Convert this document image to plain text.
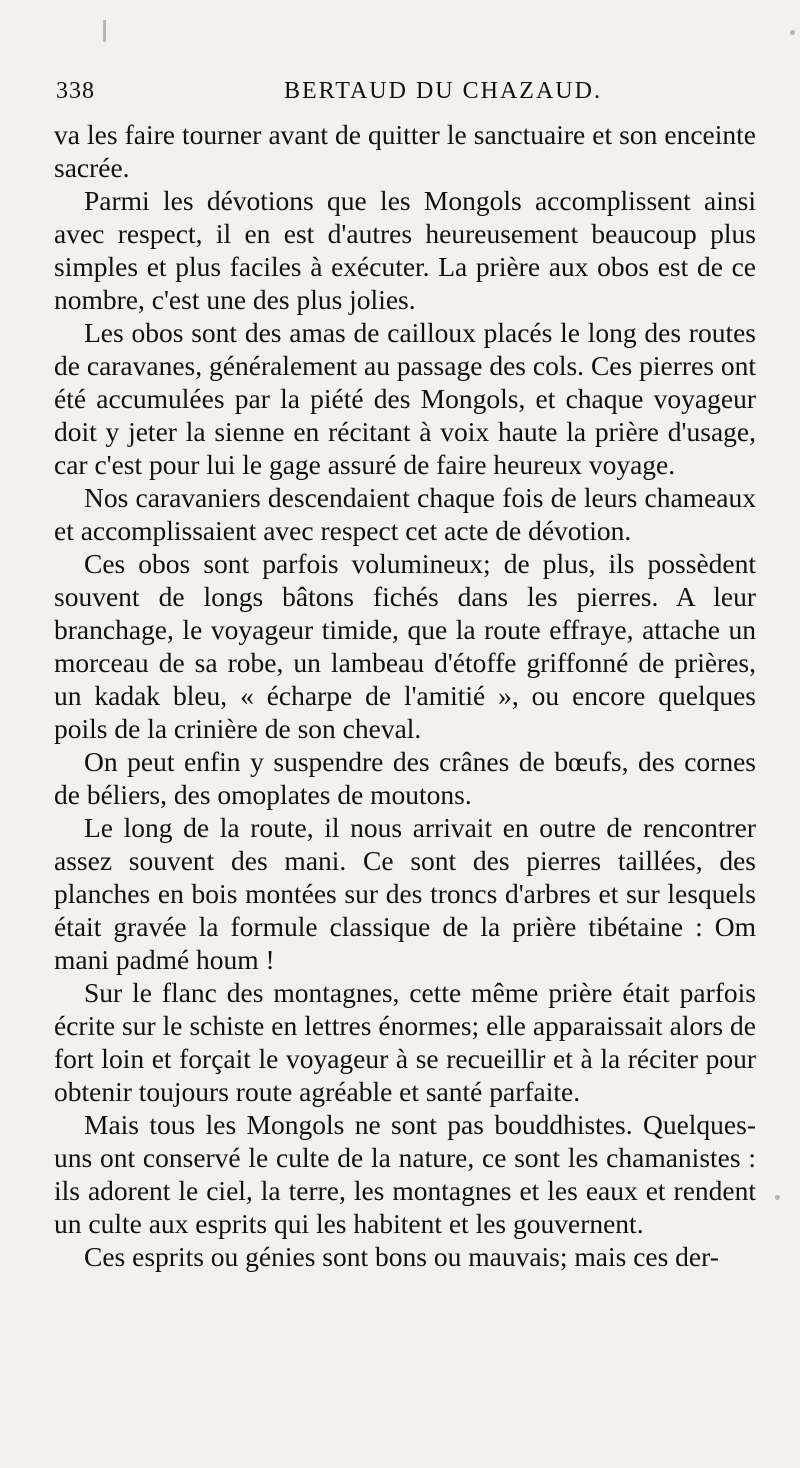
338	BERTAUD DU CHAZAUD.

va les faire tourner avant de quitter le sanctuaire et son enceinte sacrée.

Parmi les dévotions que les Mongols accomplissent ainsi avec respect, il en est d'autres heureusement beaucoup plus simples et plus faciles à exécuter. La prière aux obos est de ce nombre, c'est une des plus jolies.

Les obos sont des amas de cailloux placés le long des routes de caravanes, généralement au passage des cols. Ces pierres ont été accumulées par la piété des Mongols, et chaque voyageur doit y jeter la sienne en récitant à voix haute la prière d'usage, car c'est pour lui le gage assuré de faire heureux voyage.

Nos caravaniers descendaient chaque fois de leurs chameaux et accomplissaient avec respect cet acte de dévotion.

Ces obos sont parfois volumineux; de plus, ils possèdent souvent de longs bâtons fichés dans les pierres. A leur branchage, le voyageur timide, que la route effraye, attache un morceau de sa robe, un lambeau d'étoffe griffonné de prières, un kadak bleu, « écharpe de l'amitié », ou encore quelques poils de la crinière de son cheval.

On peut enfin y suspendre des crânes de bœufs, des cornes de béliers, des omoplates de moutons.

Le long de la route, il nous arrivait en outre de rencontrer assez souvent des mani. Ce sont des pierres taillées, des planches en bois montées sur des troncs d'arbres et sur lesquels était gravée la formule classique de la prière tibétaine : Om mani padmé houm !

Sur le flanc des montagnes, cette même prière était parfois écrite sur le schiste en lettres énormes; elle apparaissait alors de fort loin et forçait le voyageur à se recueillir et à la réciter pour obtenir toujours route agréable et santé parfaite.

Mais tous les Mongols ne sont pas bouddhistes. Quelques-uns ont conservé le culte de la nature, ce sont les chamanistes : ils adorent le ciel, la terre, les montagnes et les eaux et rendent un culte aux esprits qui les habitent et les gouvernent.

Ces esprits ou génies sont bons ou mauvais; mais ces der-
